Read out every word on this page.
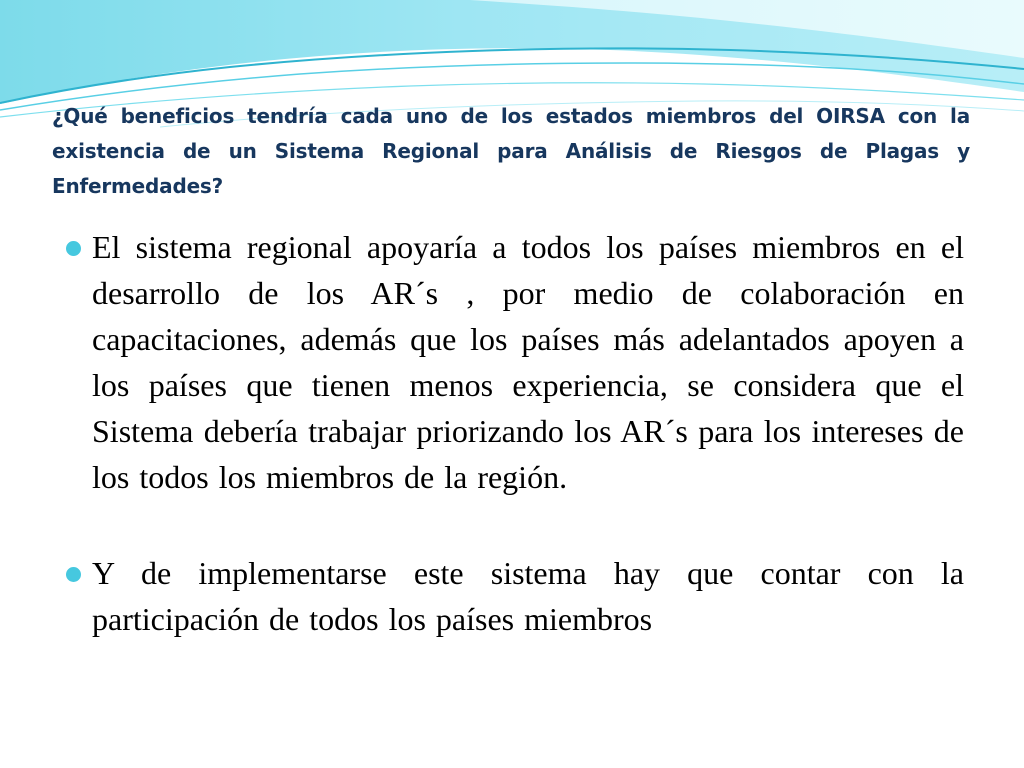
¿Qué beneficios tendría cada uno de los estados miembros del OIRSA con la existencia de un Sistema Regional para Análisis de Riesgos de Plagas y Enfermedades?

El sistema regional apoyaría a todos los países miembros en el desarrollo de los AR´s , por medio de colaboración en capacitaciones, además que los países más adelantados apoyen a los países que tienen menos experiencia, se considera que el Sistema debería trabajar priorizando los AR´s para los intereses de los todos los miembros de la región.

Y de implementarse este sistema hay que contar con la participación de todos los países miembros
